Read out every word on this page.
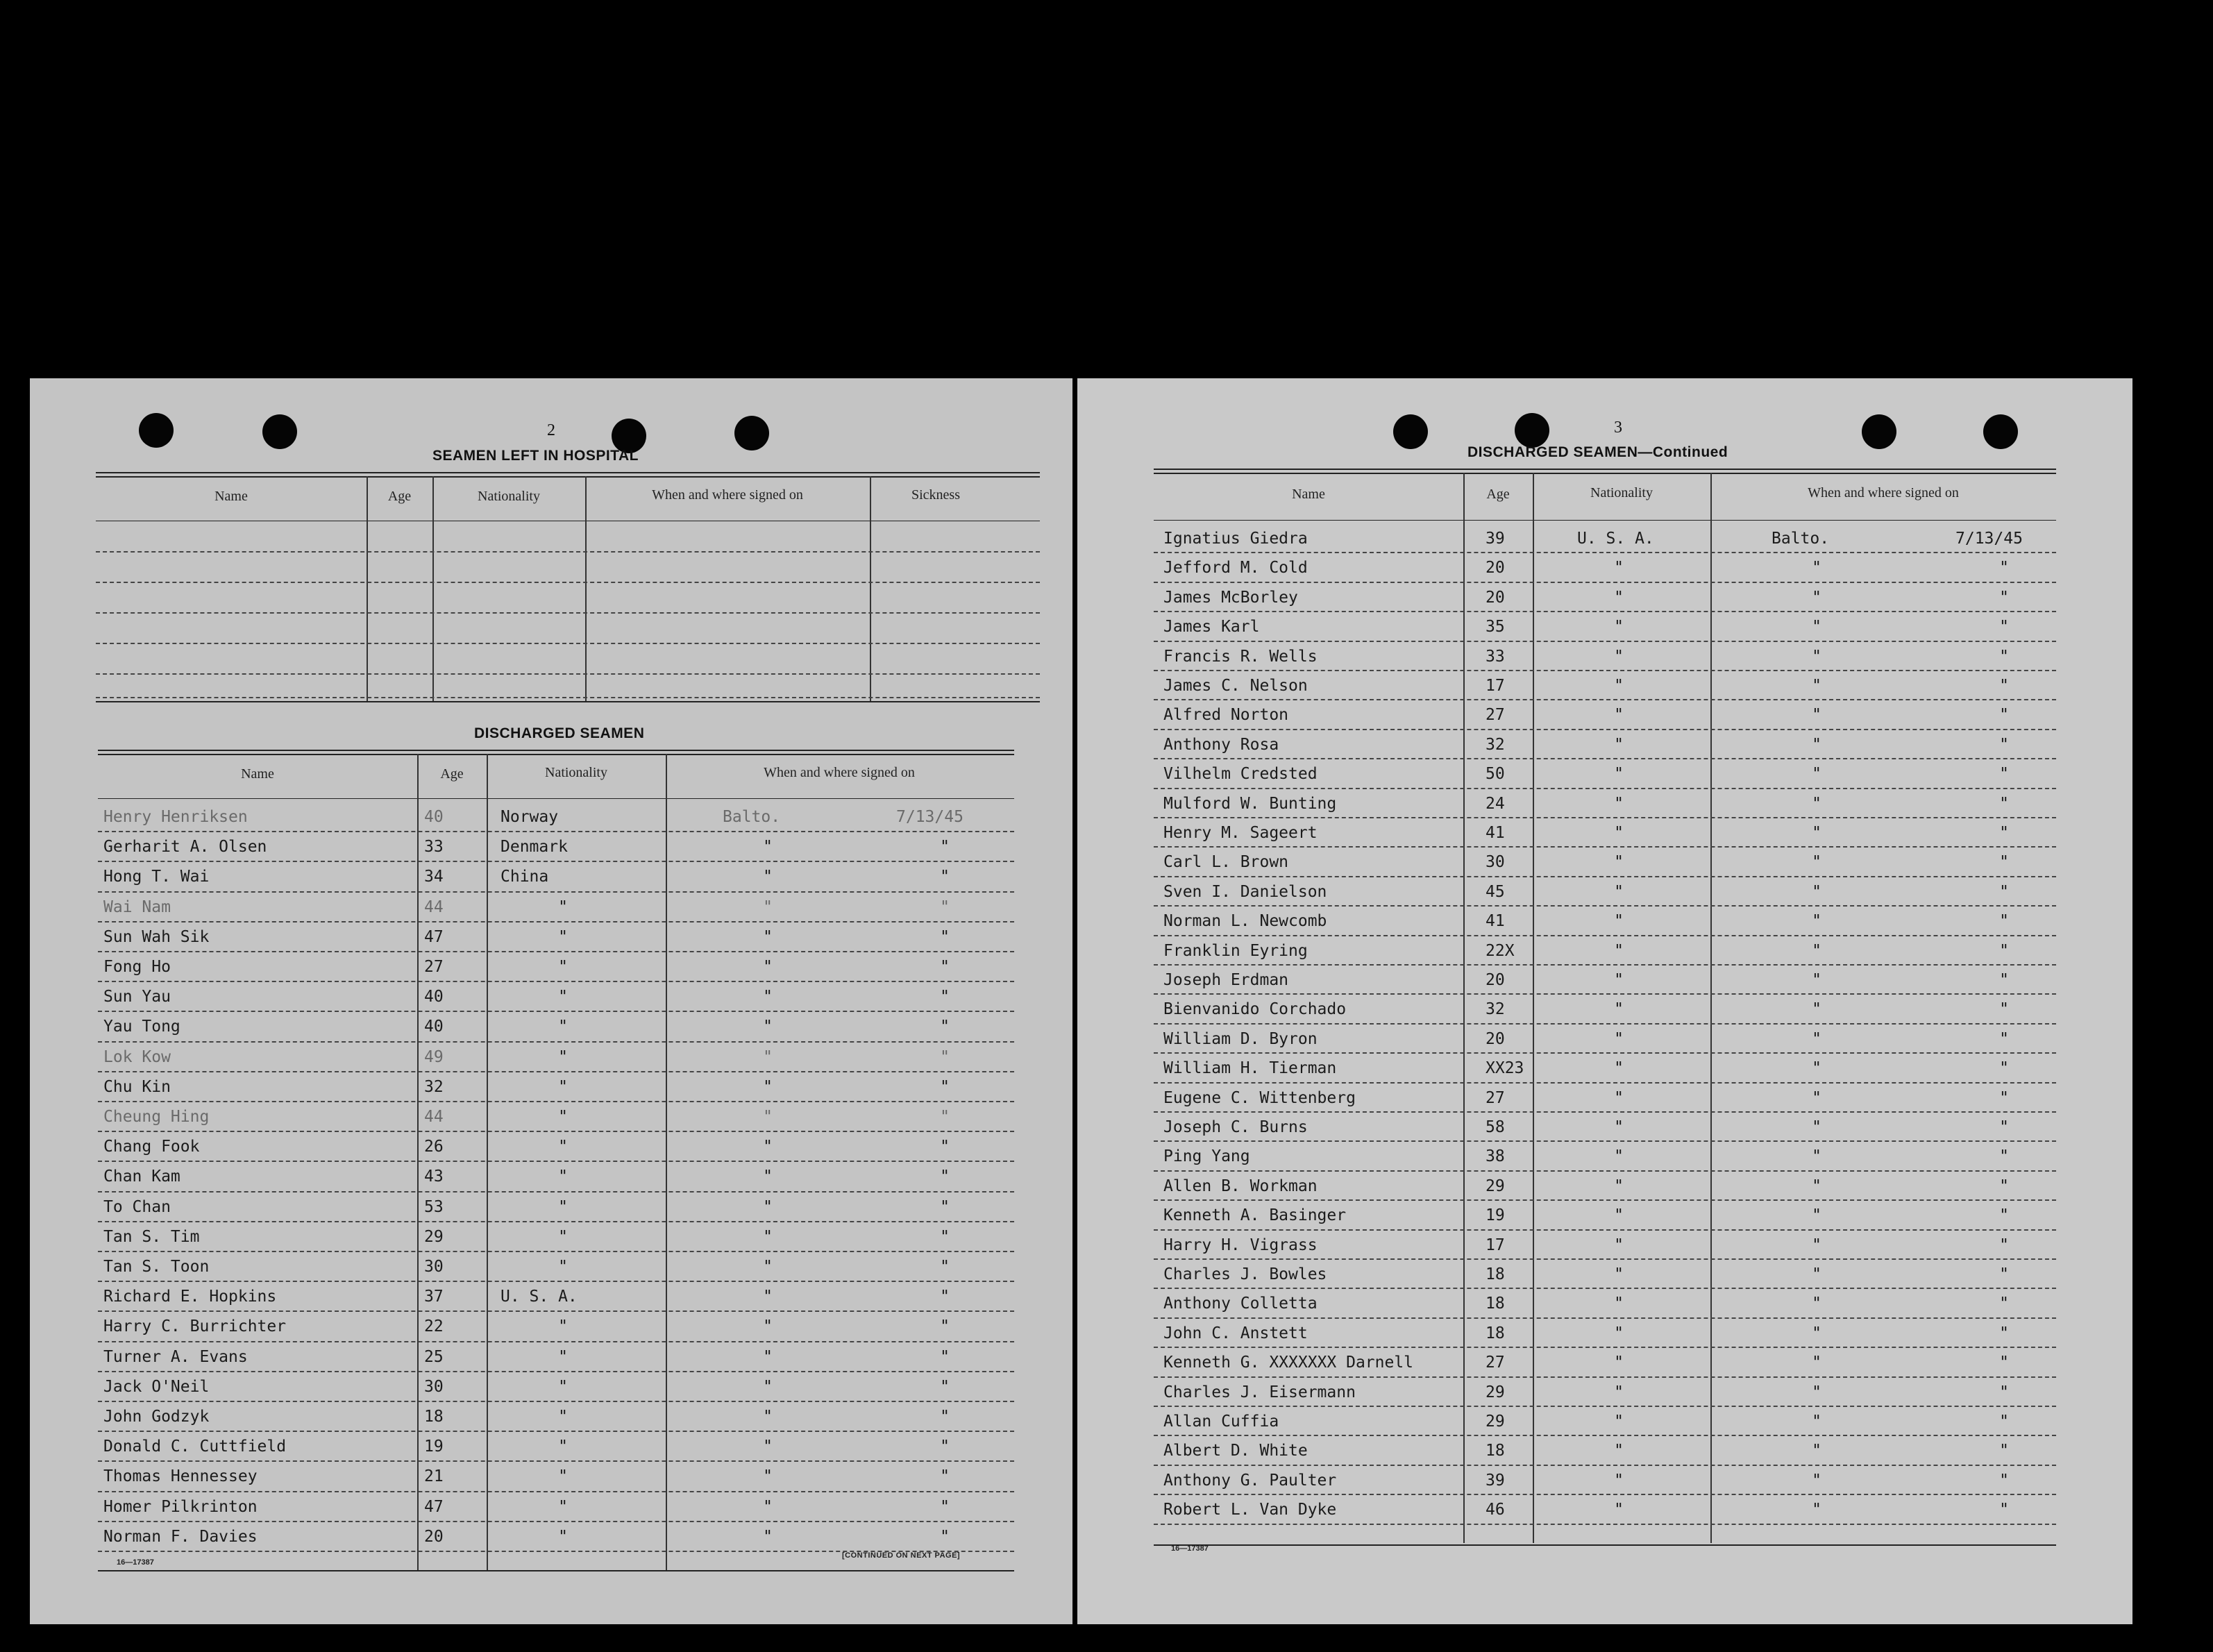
2
SEAMEN LEFT IN HOSPITAL
Name	Age	Nationality	When and where signed on	Sickness
DISCHARGED SEAMEN
Name	Age	Nationality	When and where signed on
Henry Henriksen	40	Norway	Balto.	7/13/45
Gerharit A. Olsen	33	Denmark	"	"
Hong T. Wai	34	China	"	"
Wai Nam	44	"	"	"
Sun Wah Sik	47	"	"	"
Fong Ho	27	"	"	"
Sun Yau	40	"	"	"
Yau Tong	40	"	"	"
Lok Kow	49	"	"	"
Chu Kin	32	"	"	"
Cheung Hing	44	"	"	"
Chang Fook	26	"	"	"
Chan Kam	43	"	"	"
To Chan	53	"	"	"
Tan S. Tim	29	"	"	"
Tan S. Toon	30	"	"	"
Richard E. Hopkins	37	U. S. A.	"	"
Harry C. Burrichter	22	"	"	"
Turner A. Evans	25	"	"	"
Jack O'Neil	30	"	"	"
John Godzyk	18	"	"	"
Donald C. Cuttfield	19	"	"	"
Thomas Hennessey	21	"	"	"
Homer Pilkrinton	47	"	"	"
Norman F. Davies	20	"	"	"
16—17387
[CONTINUED ON NEXT PAGE]
3
DISCHARGED SEAMEN—Continued
Name	Age	Nationality	When and where signed on
Ignatius Giedra	39	U. S. A.	Balto.	7/13/45
Jefford M. Cold	20	"	"	"
James McBorley	20	"	"	"
James Karl	35	"	"	"
Francis R. Wells	33	"	"	"
James C. Nelson	17	"	"	"
Alfred Norton	27	"	"	"
Anthony Rosa	32	"	"	"
Vilhelm Credsted	50	"	"	"
Mulford W. Bunting	24	"	"	"
Henry M. Sageert	41	"	"	"
Carl L. Brown	30	"	"	"
Sven I. Danielson	45	"	"	"
Norman L. Newcomb	41	"	"	"
Franklin Eyring	22X	"	"	"
Joseph Erdman	20	"	"	"
Bienvanido Corchado	32	"	"	"
William D. Byron	20	"	"	"
William H. Tierman	XX23	"	"	"
Eugene C. Wittenberg	27	"	"	"
Joseph C. Burns	58	"	"	"
Ping Yang	38	"	"	"
Allen B. Workman	29	"	"	"
Kenneth A. Basinger	19	"	"	"
Harry H. Vigrass	17	"	"	"
Charles J. Bowles	18	"	"	"
Anthony Colletta	18	"	"	"
John C. Anstett	18	"	"	"
Kenneth G. XXXXXXX Darnell	27	"	"	"
Charles J. Eisermann	29	"	"	"
Allan Cuffia	29	"	"	"
Albert D. White	18	"	"	"
Anthony G. Paulter	39	"	"	"
Robert L. Van Dyke	46	"	"	"
16—17387
